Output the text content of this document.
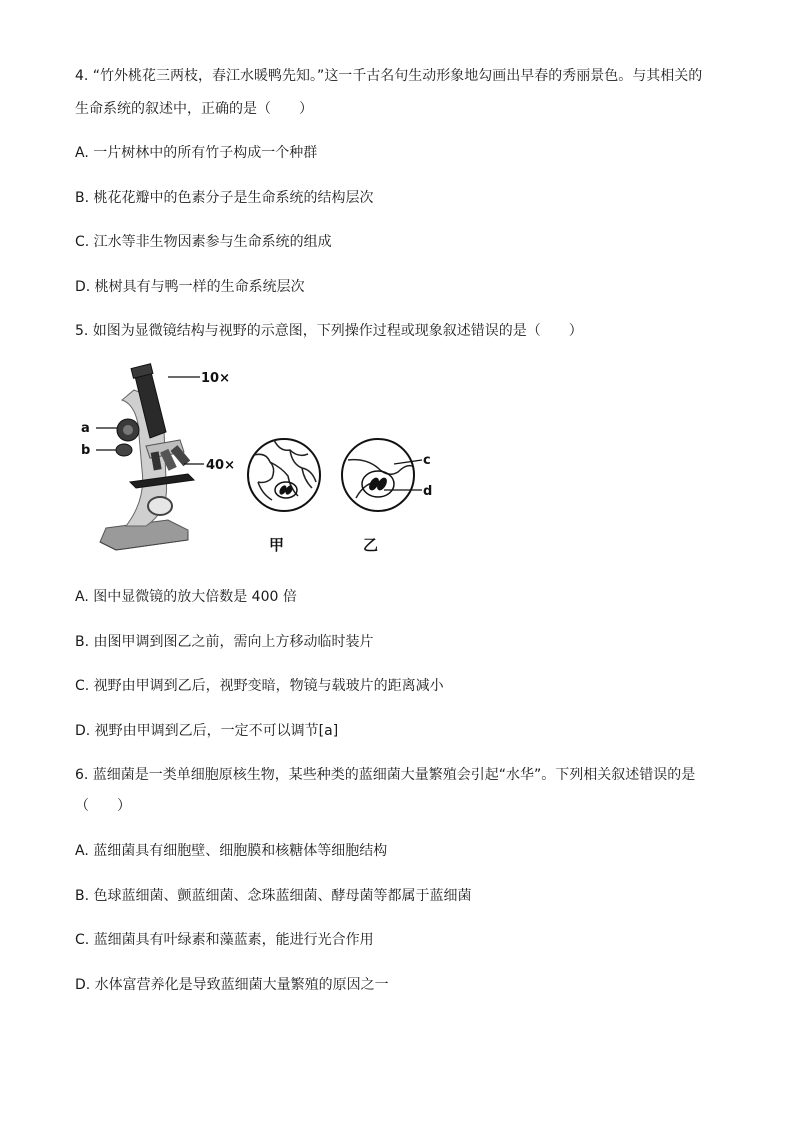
4. “竹外桃花三两枝，春江水暖鸭先知。”这一千古名句生动形象地勾画出早春的秀丽景色。与其相关的
生命系统的叙述中，正确的是（　　）
A. 一片树林中的所有竹子构成一个种群
B. 桃花花瓣中的色素分子是生命系统的结构层次
C. 江水等非生物因素参与生命系统的组成
D. 桃树具有与鸭一样的生命系统层次
5. 如图为显微镜结构与视野的示意图，下列操作过程或现象叙述错误的是（　　）
10×
a
b
40×	c
d
甲	乙
A. 图中显微镜的放大倍数是 400 倍
B. 由图甲调到图乙之前，需向上方移动临时装片
C. 视野由甲调到乙后，视野变暗，物镜与载玻片的距离减小
D. 视野由甲调到乙后，一定不可以调节[a]
6. 蓝细菌是一类单细胞原核生物，某些种类的蓝细菌大量繁殖会引起“水华”。下列相关叙述错误的是
（　　）
A. 蓝细菌具有细胞壁、细胞膜和核糖体等细胞结构
B. 色球蓝细菌、颤蓝细菌、念珠蓝细菌、酵母菌等都属于蓝细菌
C. 蓝细菌具有叶绿素和藻蓝素，能进行光合作用
D. 水体富营养化是导致蓝细菌大量繁殖的原因之一
